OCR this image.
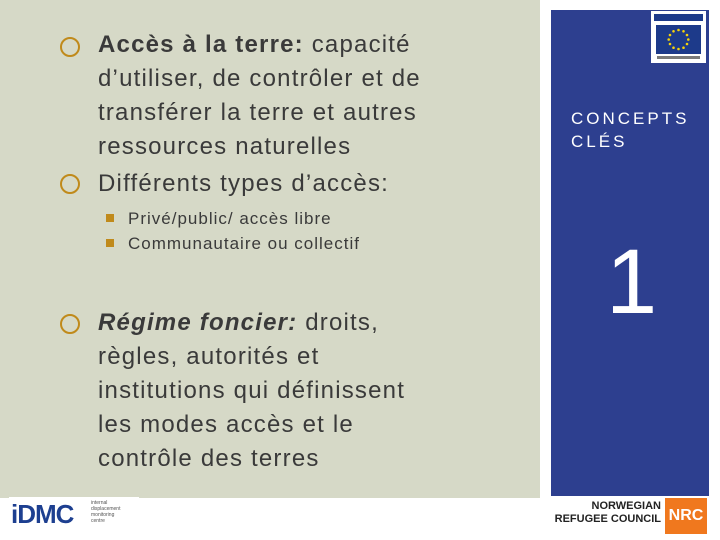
Accès à la terre: capacité
d’utiliser, de contrôler et de
transférer la terre et autres
ressources naturelles
Différents types d’accès:
Privé/public/ accès libre
Communautaire ou collectif
Régime foncier: droits,
règles, autorités et
institutions qui définissent
les modes accès et le
contrôle des terres
CONCEPTS
CLÉS
1
iDMC	internal
displacement
monitoring
centre
NORWEGIAN
REFUGEE COUNCIL NRC
